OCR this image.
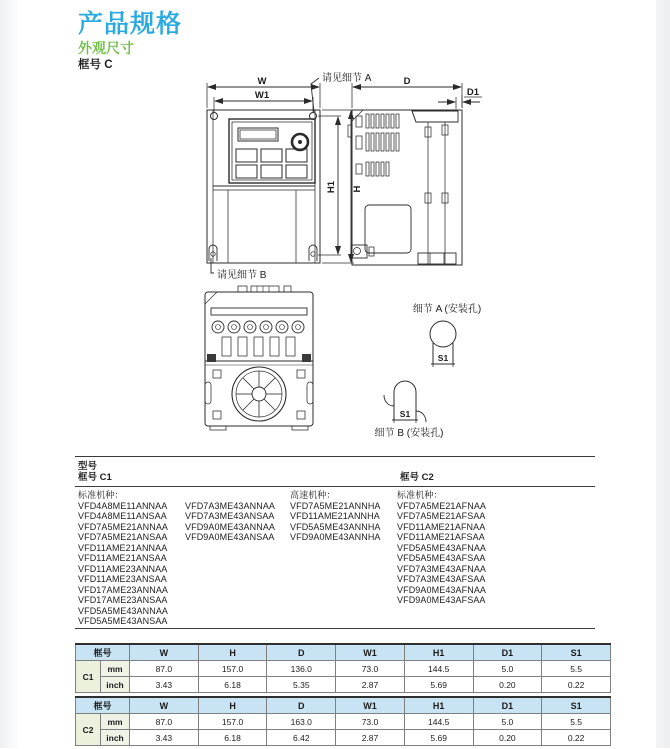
产品规格
外观尺寸
框号 C
W
W1
H
H1
请见细节 A
请见细节 B
D
D1
细节 A (安装孔)
S1
S1
细节 B (安装孔)
型号
框号 C1	框号 C2
标准机种：
VFD4A8ME11ANNAA
VFD4A8ME11ANSAA
VFD7A5ME21ANNAA
VFD7A5ME21ANSAA
VFD11AME21ANNAA
VFD11AME21ANSAA
VFD11AME23ANNAA
VFD11AME23ANSAA
VFD17AME23ANNAA
VFD17AME23ANSAA
VFD5A5ME43ANNAA
VFD5A5ME43ANSAA
VFD7A3ME43ANNAA
VFD7A3ME43ANSAA
VFD9A0ME43ANNAA
VFD9A0ME43ANSAA
高速机种：
VFD7A5ME21ANNHA
VFD11AME21ANNHA
VFD5A5ME43ANNHA
VFD9A0ME43ANNHA
标准机种：
VFD7A5ME21AFNAA
VFD7A5ME21AFSAA
VFD11AME21AFNAA
VFD11AME21AFSAA
VFD5A5ME43AFNAA
VFD5A5ME43AFSAA
VFD7A3ME43AFNAA
VFD7A3ME43AFSAA
VFD9A0ME43AFNAA
VFD9A0ME43AFSAA
框号		W	H	D	W1	H1	D1	S1
C1	mm	87.0	157.0	136.0	73.0	144.5	5.0	5.5
	inch	3.43	6.18	5.35	2.87	5.69	0.20	0.22
框号		W	H	D	W1	H1	D1	S1
C2	mm	87.0	157.0	163.0	73.0	144.5	5.0	5.5
	inch	3.43	6.18	6.42	2.87	5.69	0.20	0.22
